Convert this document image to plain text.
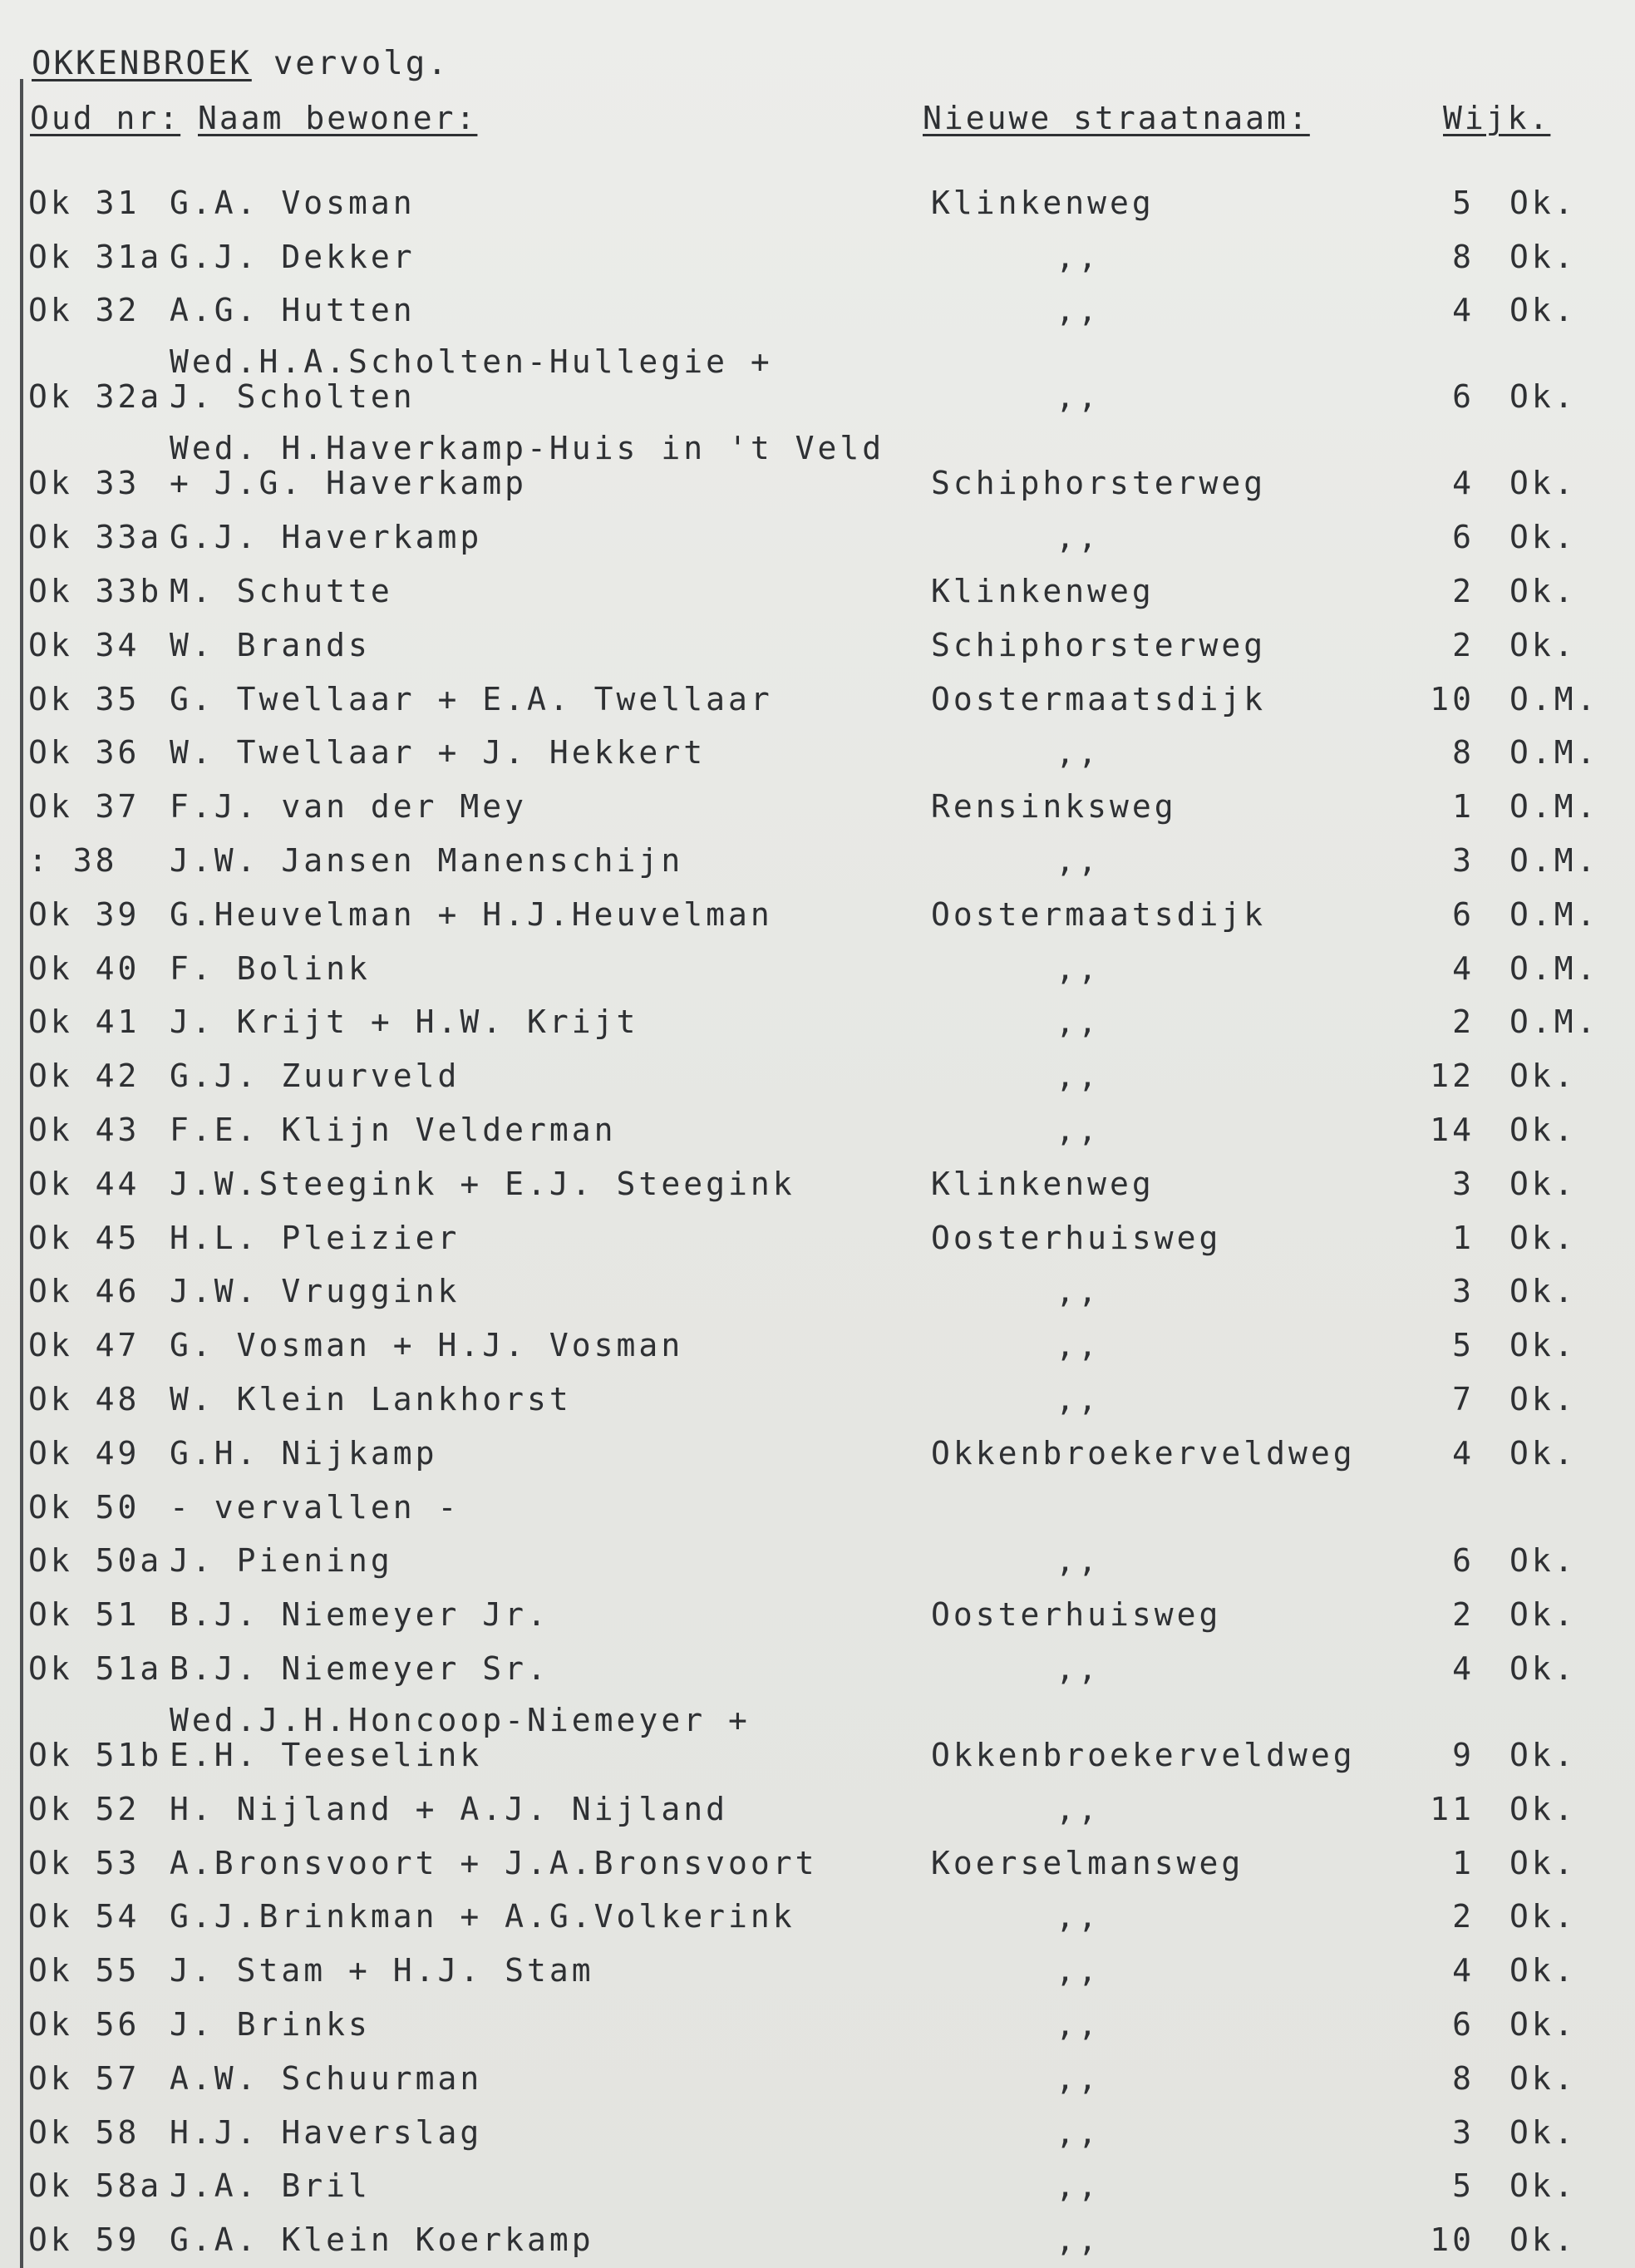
OKKENBROEK vervolg.
Oud nr: Naam bewoner:	Nieuwe straatnaam:	Wijk.
Ok 31 G.A. Vosman	Klinkenweg	5	Ok.
Ok 31a G.J. Dekker	,,	8	Ok.
Ok 32 A.G. Hutten	,,	4	Ok.
Ok 32a
Wed.H.A.Scholten-Hullegie +
J. Scholten	,,	6	Ok.
Ok 33
Wed. H.Haverkamp-Huis in 't Veld
+ J.G. Haverkamp	Schiphorsterweg	4	Ok.
Ok 33a G.J. Haverkamp	,,	6	Ok.
Ok 33b M. Schutte	Klinkenweg	2	Ok.
Ok 34 W. Brands	Schiphorsterweg	2	Ok.
Ok 35 G. Twellaar + E.A. Twellaar	Oostermaatsdijk	10	O.M.
Ok 36 W. Twellaar + J. Hekkert	,,	8	O.M.
Ok 37 F.J. van der Mey	Rensinksweg	1	O.M.
: 38	J.W. Jansen Manenschijn	,,	3	O.M.
Ok 39 G.Heuvelman + H.J.Heuvelman	Oostermaatsdijk	6	O.M.
Ok 40 F. Bolink	,,	4	O.M.
Ok 41 J. Krijt + H.W. Krijt	,,	2	O.M.
Ok 42 G.J. Zuurveld	,,	12	Ok.
Ok 43 F.E. Klijn Velderman	,,	14	Ok.
Ok 44 J.W.Steegink + E.J. Steegink	Klinkenweg	3	Ok.
Ok 45 H.L. Pleizier	Oosterhuisweg	1	Ok.
Ok 46 J.W. Vruggink	,,	3	Ok.
Ok 47 G. Vosman + H.J. Vosman	,,	5	Ok.
Ok 48 W. Klein Lankhorst	,,	7	Ok.
Ok 49 G.H. Nijkamp	Okkenbroekerveldweg	4	Ok.
Ok 50 - vervallen -
Ok 50a J. Piening	,,	6	Ok.
Ok 51 B.J. Niemeyer Jr.	Oosterhuisweg	2	Ok.
Ok 51a B.J. Niemeyer Sr.	,,	4	Ok.
Ok 51b
Wed.J.H.Honcoop-Niemeyer +
E.H. Teeselink	Okkenbroekerveldweg	9	Ok.
Ok 52 H. Nijland + A.J. Nijland	,,	11	Ok.
Ok 53 A.Bronsvoort + J.A.Bronsvoort	Koerselmansweg	1	Ok.
Ok 54 G.J.Brinkman + A.G.Volkerink	,,	2	Ok.
Ok 55 J. Stam + H.J. Stam	,,	4	Ok.
Ok 56 J. Brinks	,,	6	Ok.
Ok 57 A.W. Schuurman	,,	8	Ok.
Ok 58 H.J. Haverslag	,,	3	Ok.
Ok 58a J.A. Bril	,,	5	Ok.
Ok 59 G.A. Klein Koerkamp	,,	10	Ok.
